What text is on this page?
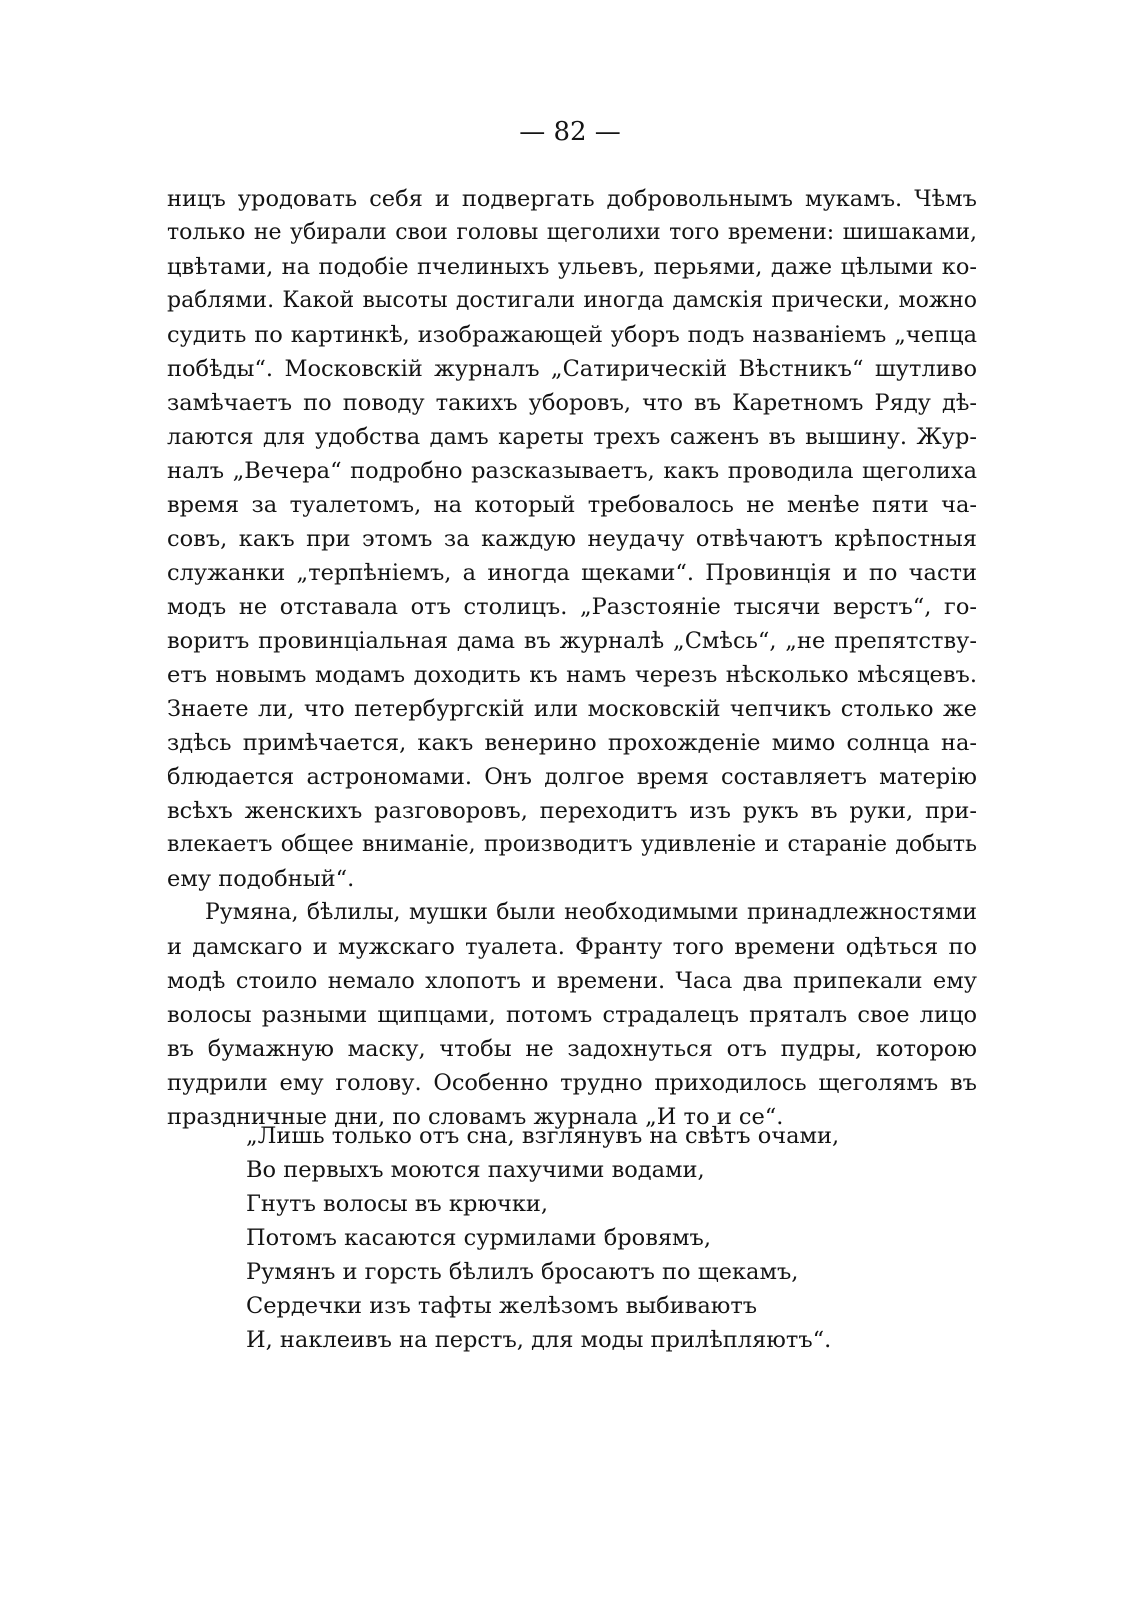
— 82 —
ницъ уродовать себя и подвергать добровольнымъ мукамъ. Чѣмъ
только не убирали свои головы щеголихи того времени: шишаками,
цвѣтами, на подобіе пчелиныхъ ульевъ, перьями, даже цѣлыми ко-
раблями. Какой высоты достигали иногда дамскія прически, можно
судить по картинкѣ, изображающей уборъ подъ названіемъ „чепца
побѣды“. Московскій журналъ „Сатирическій Вѣстникъ“ шутливо
замѣчаетъ по поводу такихъ уборовъ, что въ Каретномъ Ряду дѣ-
лаются для удобства дамъ кареты трехъ саженъ въ вышину. Жур-
налъ „Вечера“ подробно разсказываетъ, какъ проводила щеголиха
время за туалетомъ, на который требовалось не менѣе пяти ча-
совъ, какъ при этомъ за каждую неудачу отвѣчаютъ крѣпостныя
служанки „терпѣніемъ, а иногда щеками“. Провинція и по части
модъ не отставала отъ столицъ. „Разстояніе тысячи верстъ“, го-
воритъ провинціальная дама въ журналѣ „Смѣсь“, „не препятству-
етъ новымъ модамъ доходить къ намъ черезъ нѣсколько мѣсяцевъ.
Знаете ли, что петербургскій или московскій чепчикъ столько же
здѣсь примѣчается, какъ венерино прохожденіе мимо солнца на-
блюдается астрономами. Онъ долгое время составляетъ матерію
всѣхъ женскихъ разговоровъ, переходитъ изъ рукъ въ руки, при-
влекаетъ общее вниманіе, производитъ удивленіе и стараніе добыть
ему подобный“.
Румяна, бѣлилы, мушки были необходимыми принадлежностями
и дамскаго и мужскаго туалета. Франту того времени одѣться по
модѣ стоило немало хлопотъ и времени. Часа два припекали ему
волосы разными щипцами, потомъ страдалецъ пряталъ свое лицо
въ бумажную маску, чтобы не задохнуться отъ пудры, которою
пудрили ему голову. Особенно трудно приходилось щеголямъ въ
праздничные дни, по словамъ журнала „И то и се“.
„Лишь только отъ сна, взглянувъ на свѣтъ очами,
Во первыхъ моются пахучими водами,
Гнутъ волосы въ крючки,
Потомъ касаются сурмилами бровямъ,
Румянъ и горсть бѣлилъ бросаютъ по щекамъ,
Сердечки изъ тафты желѣзомъ выбиваютъ
И, наклеивъ на перстъ, для моды прилѣпляютъ“.
